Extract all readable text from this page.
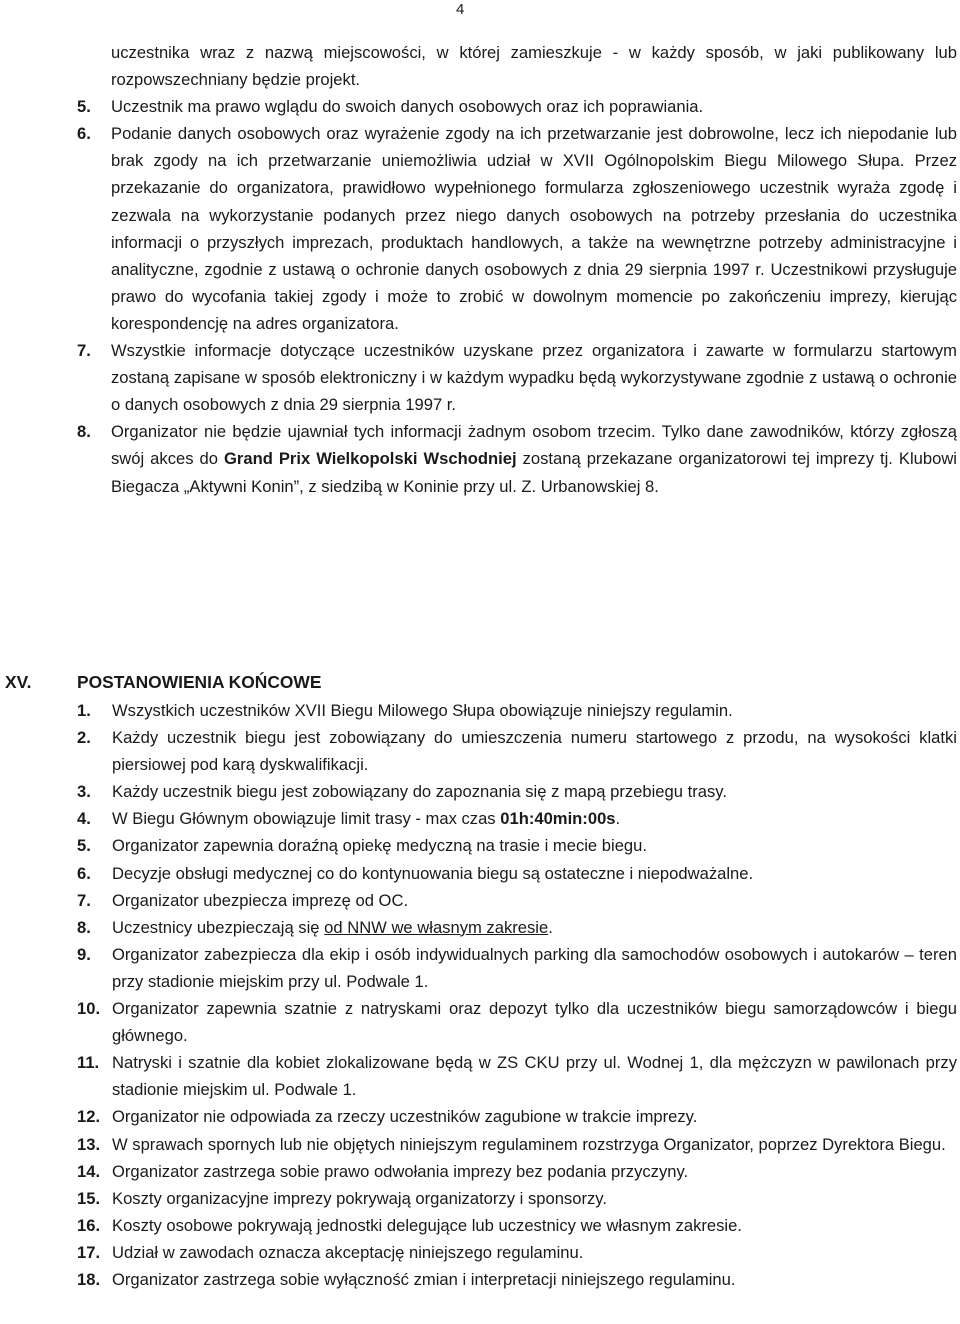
4
uczestnika wraz z nazwą miejscowości, w której zamieszkuje - w każdy sposób, w jaki publikowany lub rozpowszechniany będzie projekt.
5. Uczestnik ma prawo wglądu do swoich danych osobowych oraz ich poprawiania.
6. Podanie danych osobowych oraz wyrażenie zgody na ich przetwarzanie jest dobrowolne, lecz ich niepodanie lub brak zgody na ich przetwarzanie uniemożliwia udział w XVII Ogólnopolskim Biegu Milowego Słupa. Przez przekazanie do organizatora, prawidłowo wypełnionego formularza zgłoszeniowego uczestnik wyraża zgodę i zezwala na wykorzystanie podanych przez niego danych osobowych na potrzeby przesłania do uczestnika informacji o przyszłych imprezach, produktach handlowych, a także na wewnętrzne potrzeby administracyjne i analityczne, zgodnie z ustawą o ochronie danych osobowych z dnia 29 sierpnia 1997 r. Uczestnikowi przysługuje prawo do wycofania takiej zgody i może to zrobić w dowolnym momencie po zakończeniu imprezy, kierując korespondencję na adres organizatora.
7. Wszystkie informacje dotyczące uczestników uzyskane przez organizatora i zawarte w formularzu startowym zostaną zapisane w sposób elektroniczny i w każdym wypadku będą wykorzystywane zgodnie z ustawą o ochronie o danych osobowych z dnia 29 sierpnia 1997 r.
8. Organizator nie będzie ujawniał tych informacji żadnym osobom trzecim. Tylko dane zawodników, którzy zgłoszą swój akces do Grand Prix Wielkopolski Wschodniej zostaną przekazane organizatorowi tej imprezy tj. Klubowi Biegacza „Aktywni Konin”, z siedzibą w Koninie przy ul. Z. Urbanowskiej 8.
XV.	POSTANOWIENIA KOŃCOWE
1. Wszystkich uczestników XVII Biegu Milowego Słupa obowiązuje niniejszy regulamin.
2. Każdy uczestnik biegu jest zobowiązany do umieszczenia numeru startowego z przodu, na wysokości klatki piersiowej pod karą dyskwalifikacji.
3. Każdy uczestnik biegu jest zobowiązany do zapoznania się z mapą przebiegu trasy.
4. W Biegu Głównym obowiązuje limit trasy - max czas 01h:40min:00s.
5. Organizator zapewnia doraźną opiekę medyczną na trasie i mecie biegu.
6. Decyzje obsługi medycznej co do kontynuowania biegu są ostateczne i niepodważalne.
7. Organizator ubezpiecza imprezę od OC.
8. Uczestnicy ubezpieczają się od NNW we własnym zakresie.
9. Organizator zabezpiecza dla ekip i osób indywidualnych parking dla samochodów osobowych i autokarów – teren przy stadionie miejskim przy ul. Podwale 1.
10. Organizator zapewnia szatnie z natryskami oraz depozyt tylko dla uczestników biegu samorządowców i biegu głównego.
11. Natryski i szatnie dla kobiet zlokalizowane będą w ZS CKU przy ul. Wodnej 1, dla mężczyzn w pawilonach przy stadionie miejskim ul. Podwale 1.
12. Organizator nie odpowiada za rzeczy uczestników zagubione w trakcie imprezy.
13. W sprawach spornych lub nie objętych niniejszym regulaminem rozstrzyga Organizator, poprzez Dyrektora Biegu.
14. Organizator zastrzega sobie prawo odwołania imprezy bez podania przyczyny.
15. Koszty organizacyjne imprezy pokrywają organizatorzy i sponsorzy.
16. Koszty osobowe pokrywają jednostki delegujące lub uczestnicy we własnym zakresie.
17. Udział w zawodach oznacza akceptację niniejszego regulaminu.
18. Organizator zastrzega sobie wyłączność zmian i interpretacji niniejszego regulaminu.
